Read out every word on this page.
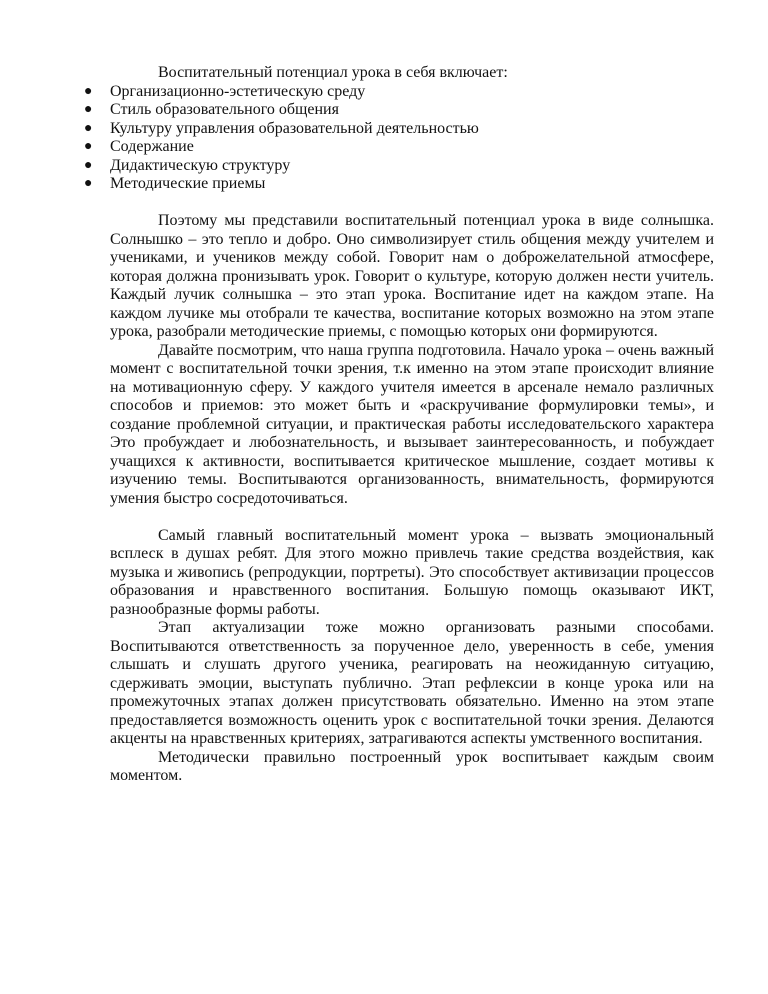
Воспитательный потенциал урока в себя включает:

● Организационно-эстетическую среду
● Стиль образовательного общения
● Культуру управления образовательной деятельностью
● Содержание
● Дидактическую структуру
● Методические приемы

Поэтому мы представили воспитательный потенциал урока в виде солнышка. Солнышко – это тепло и добро. Оно символизирует стиль общения между учителем и учениками, и учеников между собой. Говорит нам о доброжелательной атмосфере, которая должна пронизывать урок. Говорит о культуре, которую должен нести учитель. Каждый лучик солнышка – это этап урока. Воспитание идет на каждом этапе. На каждом лучике мы отобрали те качества, воспитание которых возможно на этом этапе урока, разобрали методические приемы, с помощью которых они формируются.

Давайте посмотрим, что наша группа подготовила. Начало урока – очень важный момент с воспитательной точки зрения, т.к именно на этом этапе происходит влияние на мотивационную сферу. У каждого учителя имеется в арсенале немало различных способов и приемов: это может быть и «раскручивание формулировки темы», и создание проблемной ситуации, и практическая работы исследовательского характера Это пробуждает и любознательность, и вызывает заинтересованность, и побуждает учащихся к активности, воспитывается критическое мышление, создает мотивы к изучению темы. Воспитываются организованность, внимательность, формируются умения быстро сосредоточиваться.

Самый главный воспитательный момент урока – вызвать эмоциональный всплеск в душах ребят. Для этого можно привлечь такие средства воздействия, как музыка и живопись (репродукции, портреты). Это способствует активизации процессов образования и нравственного воспитания. Большую помощь оказывают ИКТ, разнообразные формы работы.

Этап актуализации тоже можно организовать разными способами. Воспитываются ответственность за порученное дело, уверенность в себе, умения слышать и слушать другого ученика, реагировать на неожиданную ситуацию, сдерживать эмоции, выступать публично. Этап рефлексии в конце урока или на промежуточных этапах должен присутствовать обязательно. Именно на этом этапе предоставляется возможность оценить урок с воспитательной точки зрения. Делаются акценты на нравственных критериях, затрагиваются аспекты умственного воспитания.

Методически правильно построенный урок воспитывает каждым своим моментом.
